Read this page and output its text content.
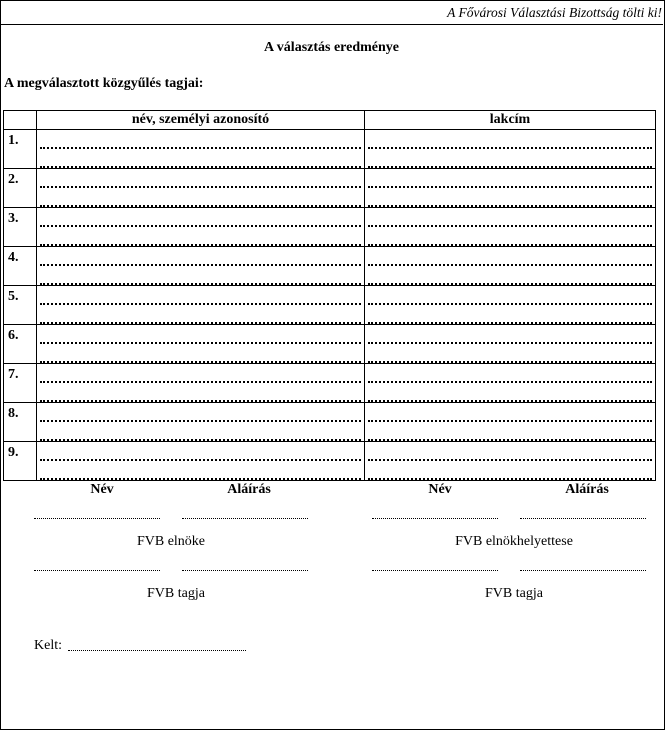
A Fővárosi Választási Bizottság tölti ki!
A választás eredménye
A megválasztott közgyűlés tagjai:
	név, személyi azonosító	lakcím
1.	

2.	

3.	

4.	

5.	

6.	

7.	

8.	

9.	

Név	Aláírás	Név	Aláírás
FVB elnöke	FVB elnökhelyettese
FVB tagja	FVB tagja
Kelt:
